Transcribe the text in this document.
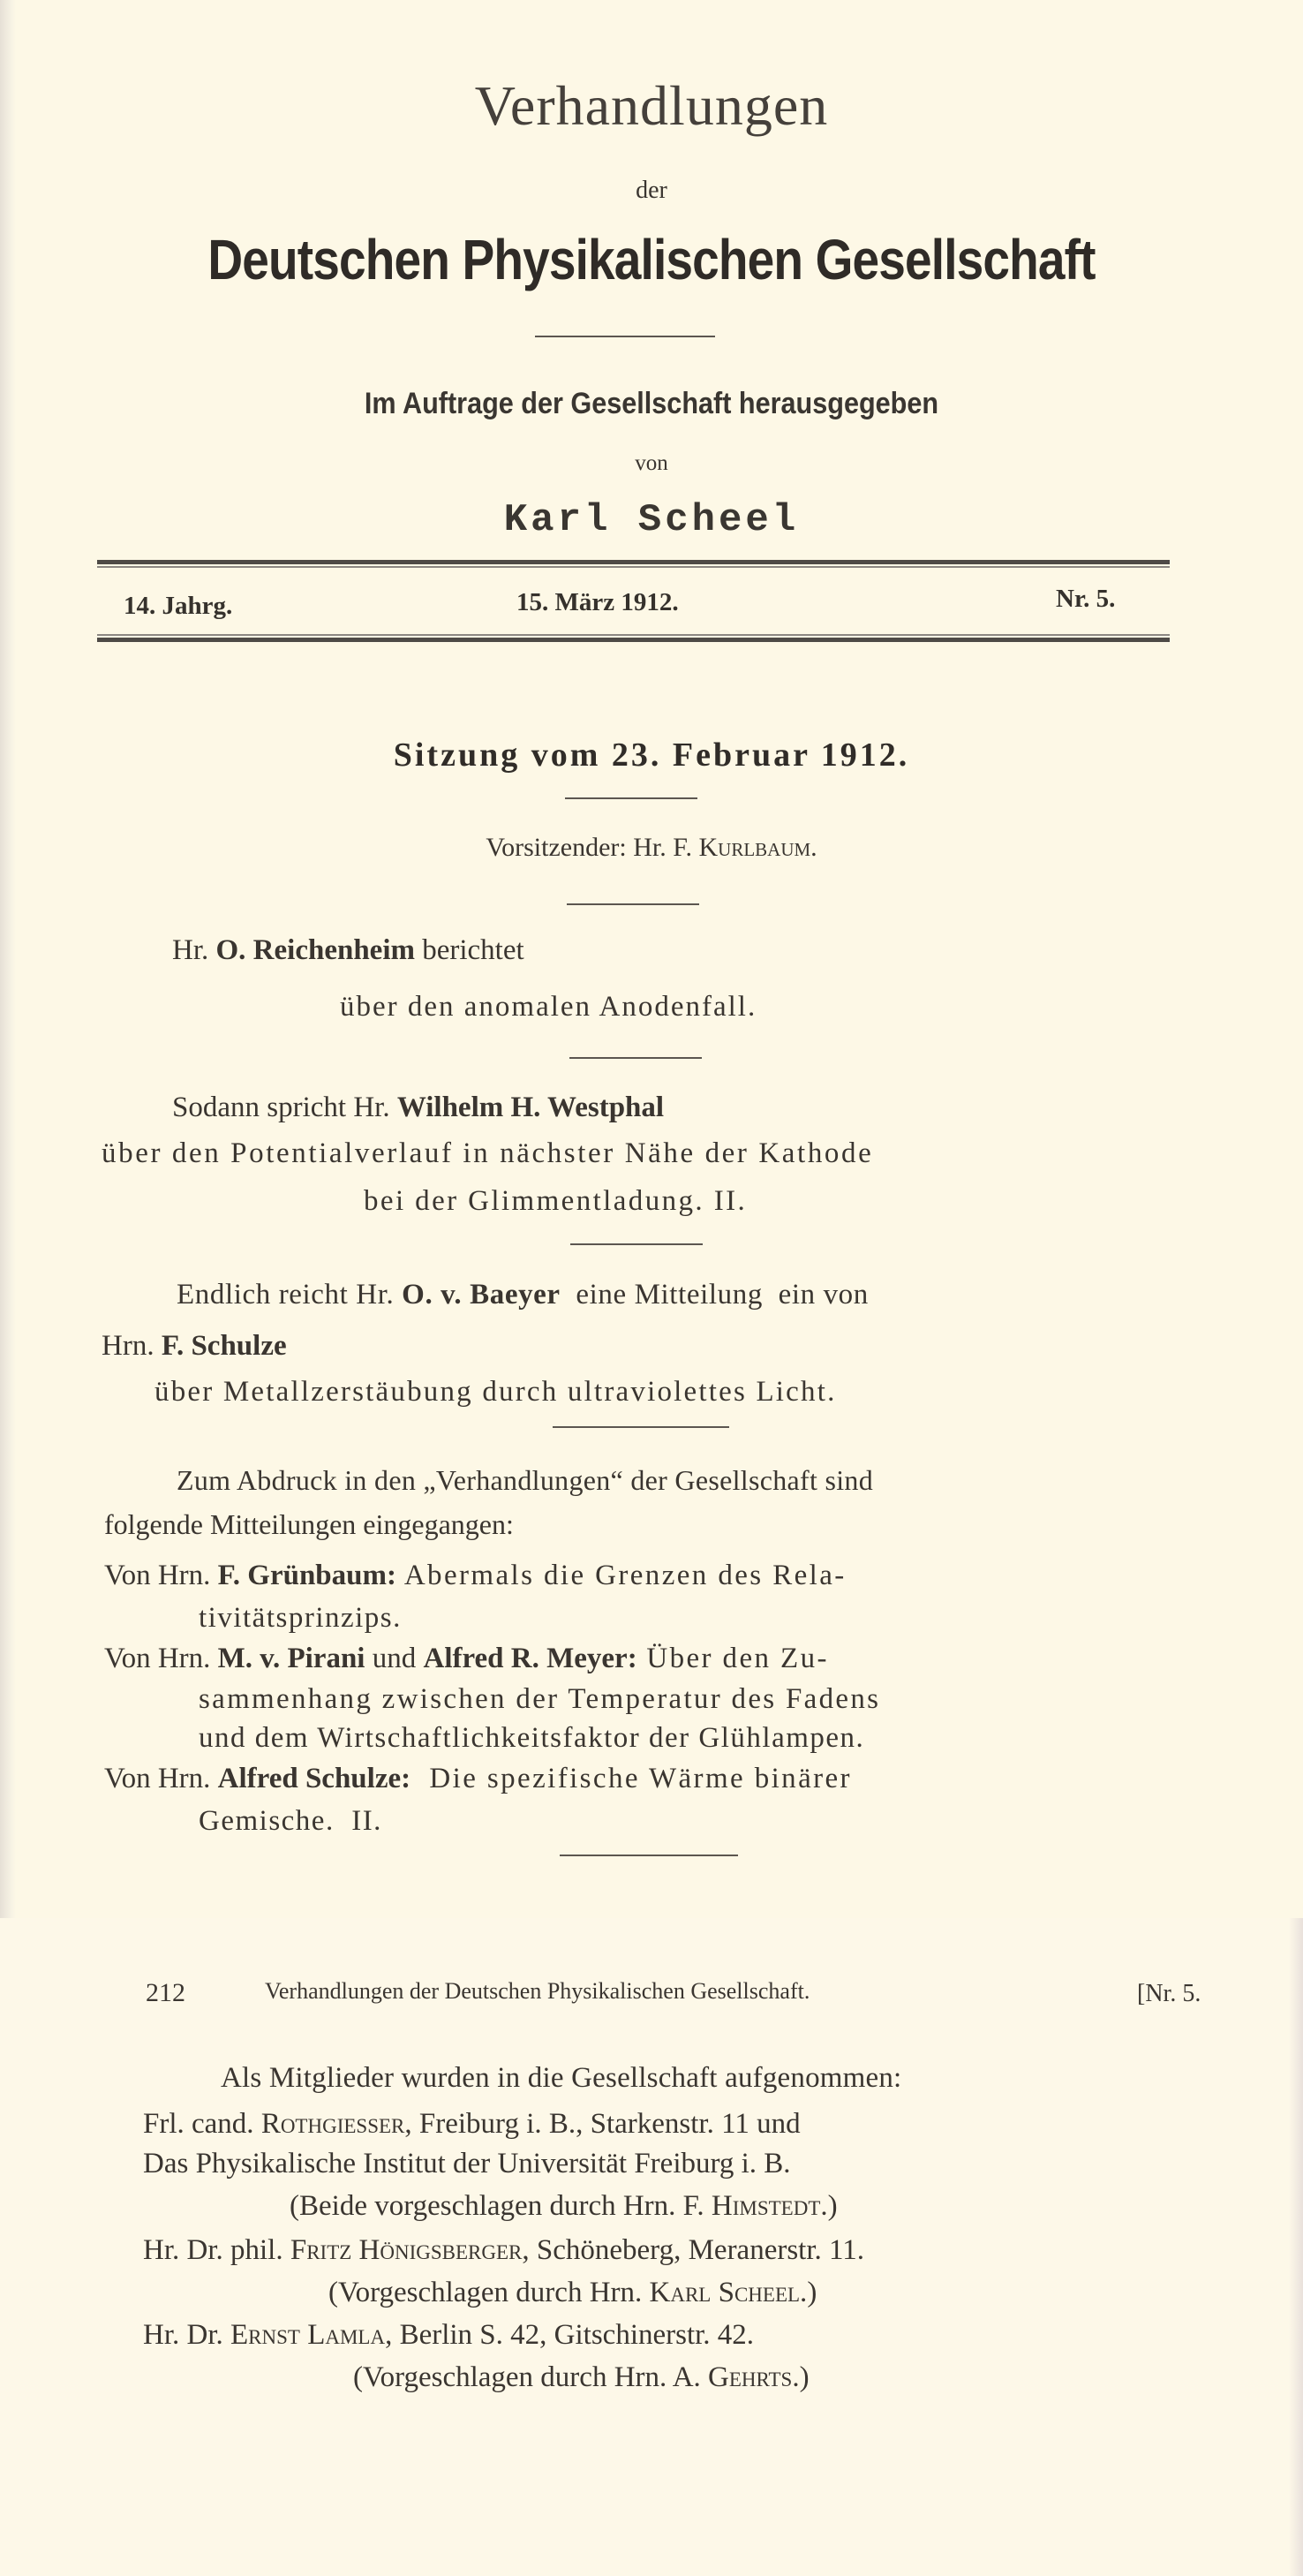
Verhandlungen
der
Deutschen Physikalischen Gesellschaft
Im Auftrage der Gesellschaft herausgegeben
von
Karl Scheel
14. Jahrg.	15. März 1912.	Nr. 5.
Sitzung vom 23. Februar 1912.
Vorsitzender: Hr. F. Kurlbaum.
Hr. O. Reichenheim berichtet
über den anomalen Anodenfall.
Sodann spricht Hr. Wilhelm H. Westphal
über den Potentialverlauf in nächster Nähe der Kathode
bei der Glimmentladung. II.
Endlich reicht Hr. O. v. Baeyer  eine Mitteilung  ein von
Hrn. F. Schulze
über Metallzerstäubung durch ultraviolettes Licht.
Zum Abdruck in den „Verhandlungen“ der Gesellschaft sind
folgende Mitteilungen eingegangen:
Von Hrn. F. Grünbaum: Abermals die Grenzen des Rela-
tivitätsprinzips.
Von Hrn. M. v. Pirani und Alfred R. Meyer: Über den Zu-
sammenhang zwischen der Temperatur des Fadens
und dem Wirtschaftlichkeitsfaktor der Glühlampen.
Von Hrn. Alfred Schulze:  Die spezifische Wärme binärer
Gemische.  II.
212	Verhandlungen der Deutschen Physikalischen Gesellschaft.	[Nr. 5.
Als Mitglieder wurden in die Gesellschaft aufgenommen:
Frl. cand. Rothgiesser, Freiburg i. B., Starkenstr. 11 und
Das Physikalische Institut der Universität Freiburg i. B.
(Beide vorgeschlagen durch Hrn. F. Himstedt.)
Hr. Dr. phil. Fritz Hönigsberger, Schöneberg, Meranerstr. 11.
(Vorgeschlagen durch Hrn. Karl Scheel.)
Hr. Dr. Ernst Lamla, Berlin S. 42, Gitschinerstr. 42.
(Vorgeschlagen durch Hrn. A. Gehrts.)
